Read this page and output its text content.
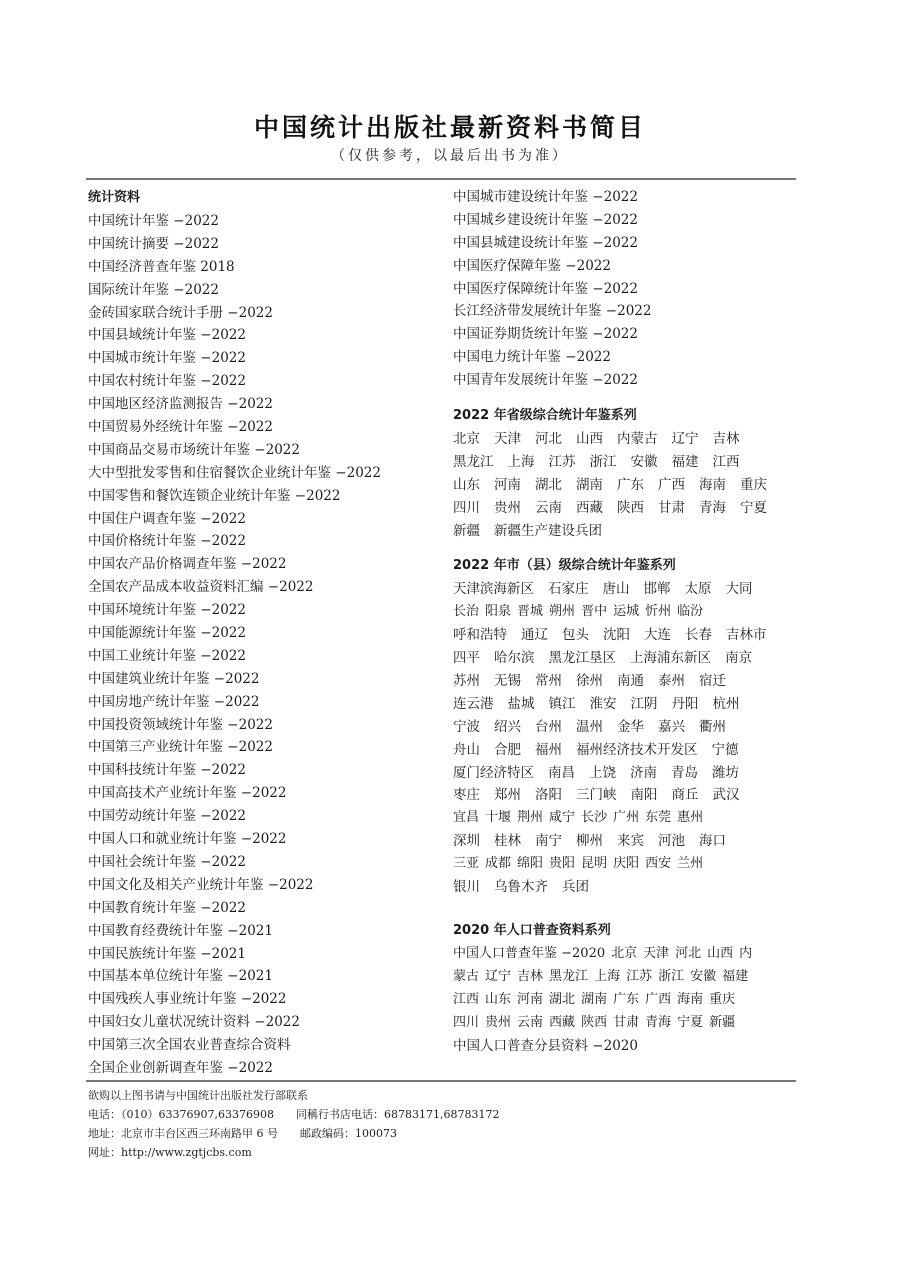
中国统计出版社最新资料书简目
（仅供参考，以最后出书为准）
统计资料
中国统计年鉴 −2022
中国统计摘要 −2022
中国经济普查年鉴 2018
国际统计年鉴 −2022
金砖国家联合统计手册 −2022
中国县域统计年鉴 −2022
中国城市统计年鉴 −2022
中国农村统计年鉴 −2022
中国地区经济监测报告 −2022
中国贸易外经统计年鉴 −2022
中国商品交易市场统计年鉴 −2022
大中型批发零售和住宿餐饮企业统计年鉴 −2022
中国零售和餐饮连锁企业统计年鉴 −2022
中国住户调查年鉴 −2022
中国价格统计年鉴 −2022
中国农产品价格调查年鉴 −2022
全国农产品成本收益资料汇编 −2022
中国环境统计年鉴 −2022
中国能源统计年鉴 −2022
中国工业统计年鉴 −2022
中国建筑业统计年鉴 −2022
中国房地产统计年鉴 −2022
中国投资领域统计年鉴 −2022
中国第三产业统计年鉴 −2022
中国科技统计年鉴 −2022
中国高技术产业统计年鉴 −2022
中国劳动统计年鉴 −2022
中国人口和就业统计年鉴 −2022
中国社会统计年鉴 −2022
中国文化及相关产业统计年鉴 −2022
中国教育统计年鉴 −2022
中国教育经费统计年鉴 −2021
中国民族统计年鉴 −2021
中国基本单位统计年鉴 −2021
中国残疾人事业统计年鉴 −2022
中国妇女儿童状况统计资料 −2022
中国第三次全国农业普查综合资料
全国企业创新调查年鉴 −2022
中国城市建设统计年鉴 −2022
中国城乡建设统计年鉴 −2022
中国县城建设统计年鉴 −2022
中国医疗保障年鉴 −2022
中国医疗保障统计年鉴 −2022
长江经济带发展统计年鉴 −2022
中国证券期货统计年鉴 −2022
中国电力统计年鉴 −2022
中国青年发展统计年鉴 −2022
2022 年省级综合统计年鉴系列
北京 天津 河北 山西 内蒙古 辽宁 吉林
黑龙江 上海 江苏 浙江 安徽 福建 江西
山东 河南 湖北 湖南 广东 广西 海南 重庆
四川 贵州 云南 西藏 陕西 甘肃 青海 宁夏
新疆 新疆生产建设兵团
2022 年市（县）级综合统计年鉴系列
天津滨海新区 石家庄 唐山 邯郸 太原 大同
长治 阳泉 晋城 朔州 晋中 运城 忻州 临汾
呼和浩特 通辽 包头 沈阳 大连 长春 吉林市
四平 哈尔滨 黑龙江垦区 上海浦东新区 南京
苏州 无锡 常州 徐州 南通 泰州 宿迁
连云港 盐城 镇江 淮安 江阴 丹阳 杭州
宁波 绍兴 台州 温州 金华 嘉兴 衢州
舟山 合肥 福州 福州经济技术开发区 宁德
厦门经济特区 南昌 上饶 济南 青岛 潍坊
枣庄 郑州 洛阳 三门峡 南阳 商丘 武汉
宜昌 十堰 荆州 咸宁 长沙 广州 东莞 惠州
深圳 桂林 南宁 柳州 来宾 河池 海口
三亚 成都 绵阳 贵阳 昆明 庆阳 西安 兰州
银川 乌鲁木齐 兵团
2020 年人口普查资料系列
中国人口普查年鉴 −2020 北京 天津 河北 山西 内
蒙古 辽宁 吉林 黑龙江 上海 江苏 浙江 安徽 福建
江西 山东 河南 湖北 湖南 广东 广西 海南 重庆
四川 贵州 云南 西藏 陕西 甘肃 青海 宁夏 新疆
中国人口普查分县资料 −2020
欲购以上图书请与中国统计出版社发行部联系
电话：（010）63376907,63376908 同稱行书店电话：68783171,68783172
地址：北京市丰台区西三环南路甲 6 号 邮政编码：100073
网址：http://www.zgtjcbs.com
